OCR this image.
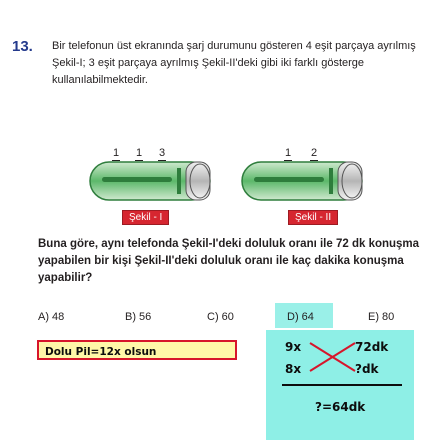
13. Bir telefonun üst ekranında şarj durumunu gösteren 4 eşit parçaya ayrılmış Şekil-I; 3 eşit parçaya ayrılmış Şekil-II'deki gibi iki farklı gösterge kullanılabilmektedir.
1 1 3	1 2
Şekil - I	Şekil - II
Buna göre, aynı telefonda Şekil-I'deki doluluk oranı ile 72 dk konuşma yapabilen bir kişi Şekil-II'deki doluluk oranı ile kaç dakika konuşma yapabilir?
A) 48	B) 56	C) 60	D) 64	E) 80
Dolu Pil=12x olsun	9x	72dk
8x	?dk
?=64dk
